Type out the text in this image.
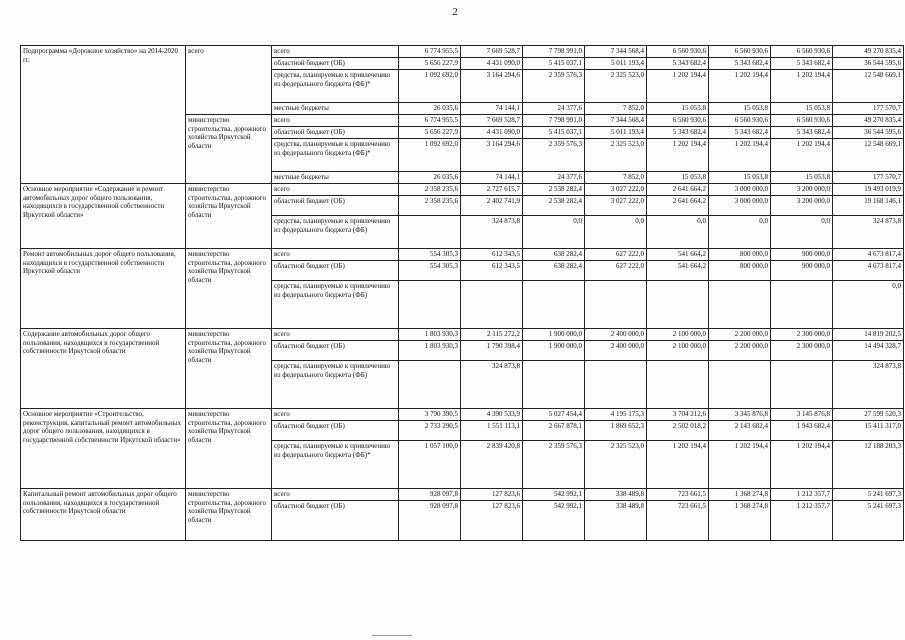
2
Подпрограмма «Дорожное хозяйство» на 2014-2020 гг.	всего	всего	6 774 955,5	7 669 528,7	7 798 991,0	7 344 568,4	6 560 930,6	6 560 930,6	6 560 930,6	49 270 835,4
		областной бюджет (ОБ)	5 656 227,9	4 431 090,0	5 415 037,1	5 011 193,4	5 343 682,4	5 343 682,4	5 343 682,4	36 544 595,6
		средства, планируемые к привлечению из федерального бюджета (ФБ)*	1 092 692,0	3 164 294,6	2 359 576,3	2 325 523,0	1 202 194,4	1 202 194,4	1 202 194,4	12 548 669,1
		местные бюджеты	26 035,6	74 144,1	24 377,6	7 852,0	15 053,8	15 053,8	15 053,8	177 570,7
	министерство строительства, дорожного хозяйства Иркутской области	всего	6 774 955,5	7 669 528,7	7 798 991,0	7 344 568,4	6 560 930,6	6 560 930,6	6 560 930,6	49 270 835,4
		областной бюджет (ОБ)	5 656 227,9	4 431 090,0	5 415 037,1	5 011 193,4	5 343 682,4	5 343 682,4	5 343 682,4	36 544 595,6
		средства, планируемые к привлечению из федерального бюджета (ФБ)*	1 092 692,0	3 164 294,6	2 359 576,3	2 325 523,0	1 202 194,4	1 202 194,4	1 202 194,4	12 548 669,1
		местные бюджеты	26 035,6	74 144,1	24 377,6	7 852,0	15 053,8	15 053,8	15 053,8	177 570,7
Основное мероприятие «Содержание и ремонт автомобильных дорог общего пользования, находящихся в государственной собственности Иркутской области»	министерство строительства, дорожного хозяйства Иркутской области	всего	2 358 235,6	2 727 615,7	2 538 282,4	3 027 222,0	2 641 664,2	3 000 000,0	3 200 000,0	19 493 019,9
		областной бюджет (ОБ)	2 358 235,6	2 402 741,9	2 538 282,4	3 027 222,0	2 641 664,2	3 000 000,0	3 200 000,0	19 168 146,1
		средства, планируемые к привлечению из федерального бюджета (ФБ)		324 873,8	0,0	0,0	0,0	0,0	0,0	324 873,8
Ремонт автомобильных дорог общего пользования, находящихся в государственной собственности Иркутской области	министерство строительства, дорожного хозяйства Иркутской области	всего	554 305,3	612 343,5	638 282,4	627 222,0	541 664,2	800 000,0	900 000,0	4 673 817,4
		областной бюджет (ОБ)	554 305,3	612 343,5	638 282,4	627 222,0	541 664,2	800 000,0	900 000,0	4 673 817,4
		средства, планируемые к привлечению из федерального бюджета (ФБ)								0,0
Содержание автомобильных дорог общего пользования, находящихся в государственной собственности Иркутской области	министерство строительства, дорожного хозяйства Иркутской области	всего	1 803 930,3	2 115 272,2	1 900 000,0	2 400 000,0	2 100 000,0	2 200 000,0	2 300 000,0	14 819 202,5
		областной бюджет (ОБ)	1 803 930,3	1 790 398,4	1 900 000,0	2 400 000,0	2 100 000,0	2 200 000,0	2 300 000,0	14 494 328,7
		средства, планируемые к привлечению из федерального бюджета (ФБ)		324 873,8						324 873,8
Основное мероприятие «Строительство, реконструкция, капитальный ремонт автомобильных дорог общего пользования, находящихся в государственной собственности Иркутской области»	министерство строительства, дорожного хозяйства Иркутской области	всего	3 790 390,5	4 390 533,9	5 027 454,4	4 195 175,3	3 704 212,6	3 345 876,8	3 145 876,8	27 599 520,3
		областной бюджет (ОБ)	2 733 290,5	1 551 113,1	2 667 878,1	1 869 652,3	2 502 018,2	2 143 682,4	1 943 682,4	15 411 317,0
		средства, планируемые к привлечению из федерального бюджета (ФБ)*	1 057 100,0	2 839 420,8	2 359 576,3	2 325 523,0	1 202 194,4	1 202 194,4	1 202 194,4	12 188 203,3
Капитальный ремонт автомобильных дорог общего пользования, находящихся в государственной собственности Иркутской области	министерство строительства, дорожного хозяйства Иркутской области	всего	928 097,8	127 823,6	542 992,1	338 489,8	723 661,5	1 368 274,8	1 212 357,7	5 241 697,3
		областной бюджет (ОБ)	928 097,8	127 823,6	542 992,1	338 489,8	723 661,5	1 368 274,8	1 212 357,7	5 241 697,3
